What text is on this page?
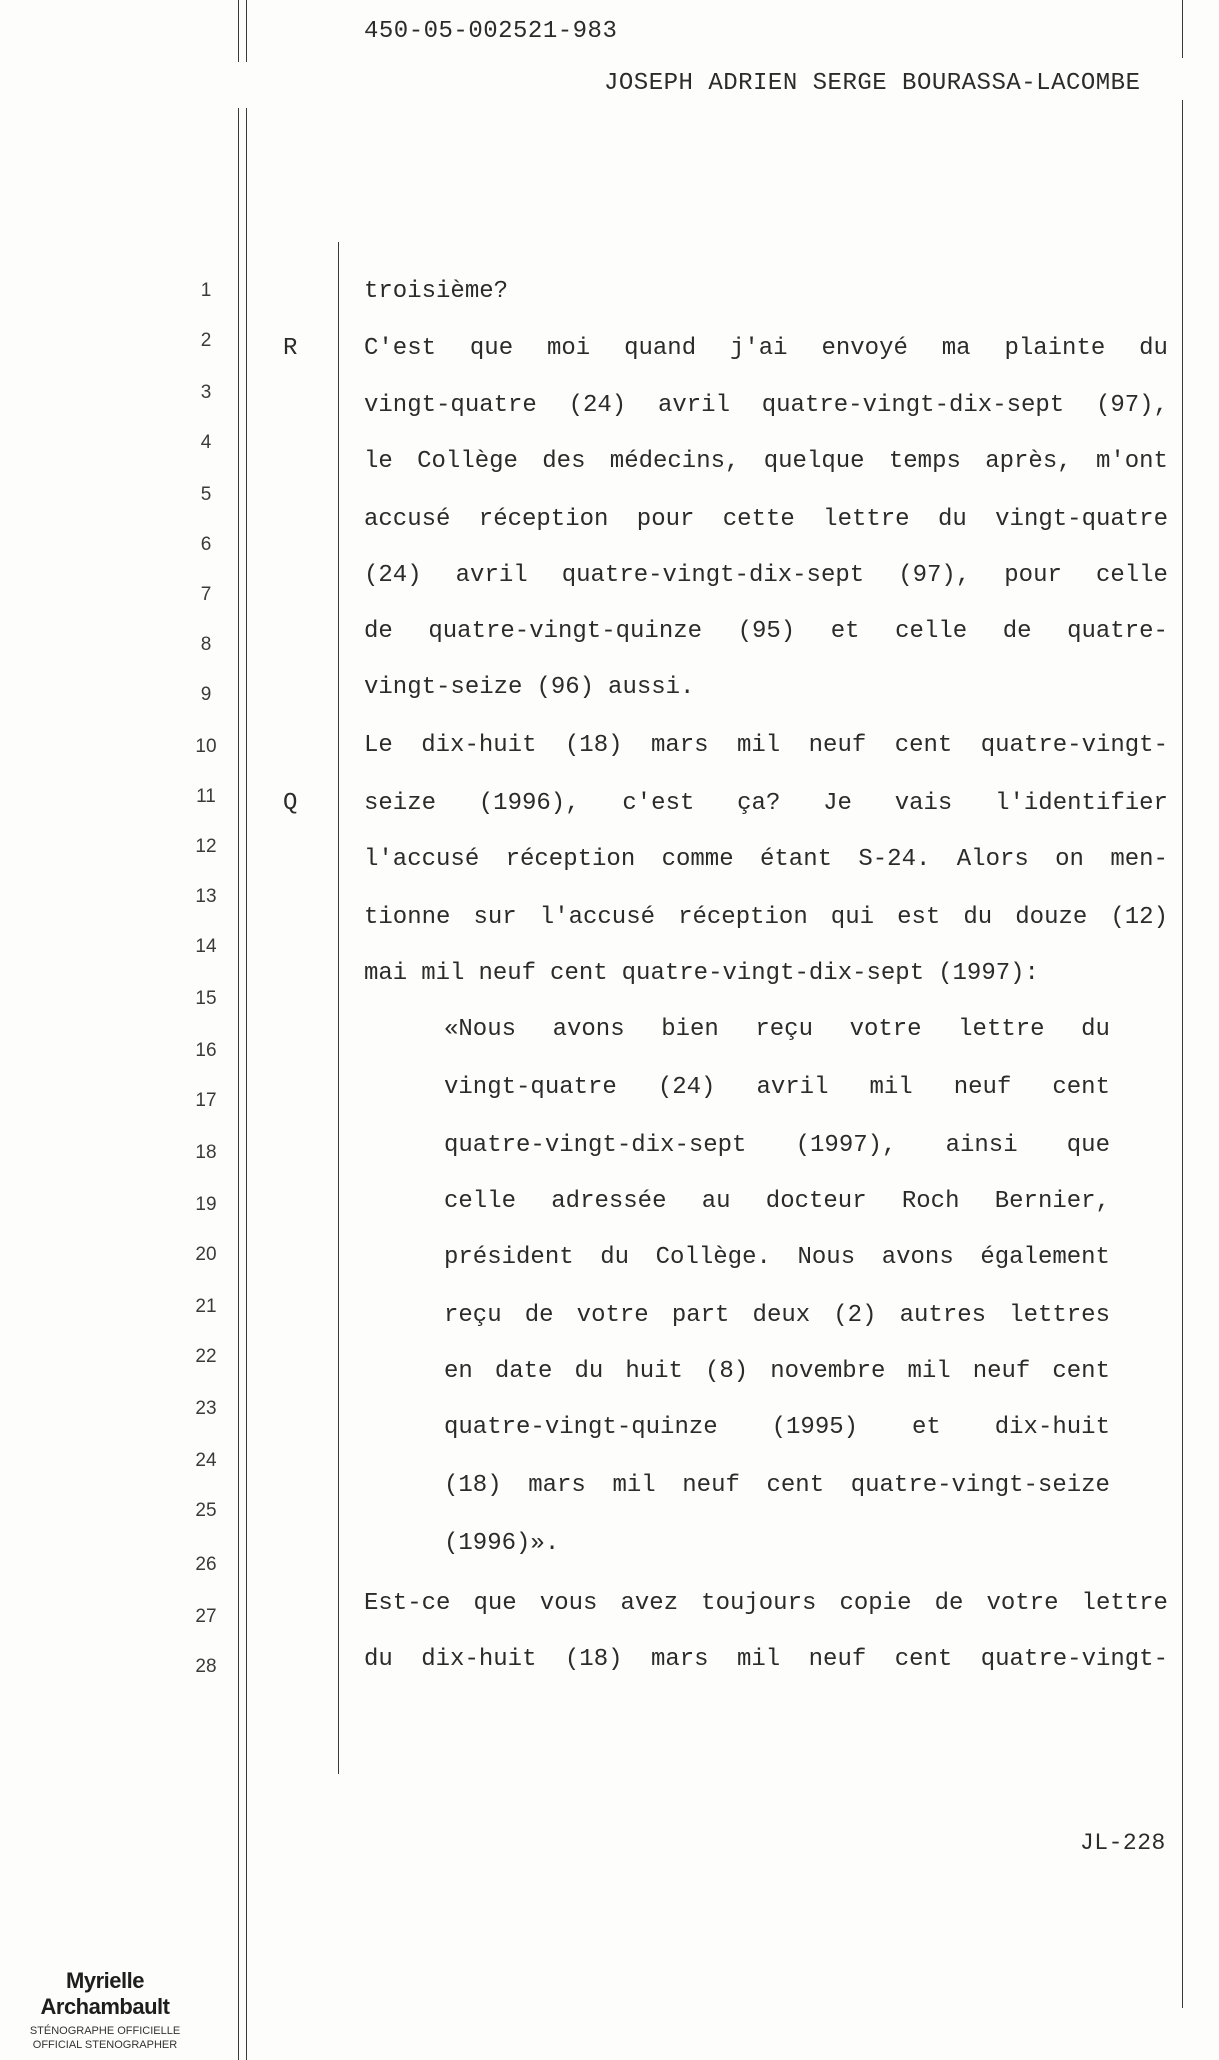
450-05-002521-983
JOSEPH ADRIEN SERGE BOURASSA-LACOMBE
1
2
3
4
5
6
7
8
9
10
11
12
13
14
15
16
17
18
19
20
21
22
23
24
25
26
27
28
R
Q
troisième?
C'est que moi quand j'ai envoyé ma plainte du
vingt-quatre (24) avril quatre-vingt-dix-sept (97),
le Collège des médecins, quelque temps après, m'ont
accusé réception pour cette lettre du vingt-quatre
(24) avril quatre-vingt-dix-sept (97), pour celle
de quatre-vingt-quinze (95) et celle de quatre-
vingt-seize (96) aussi.
Le dix-huit (18) mars mil neuf cent quatre-vingt-
seize (1996), c'est ça? Je vais l'identifier
l'accusé réception comme étant S-24. Alors on men-
tionne sur l'accusé réception qui est du douze (12)
mai mil neuf cent quatre-vingt-dix-sept (1997):
«Nous avons bien reçu votre lettre du
vingt-quatre (24) avril mil neuf cent
quatre-vingt-dix-sept (1997), ainsi que
celle adressée au docteur Roch Bernier,
président du Collège. Nous avons également
reçu de votre part deux (2) autres lettres
en date du huit (8) novembre mil neuf cent
quatre-vingt-quinze (1995) et dix-huit
(18) mars mil neuf cent quatre-vingt-seize
(1996)».
Est-ce que vous avez toujours copie de votre lettre
du dix-huit (18) mars mil neuf cent quatre-vingt-
JL-228
Myrielle Archambault
STÉNOGRAPHE OFFICIELLE
OFFICIAL STENOGRAPHER
